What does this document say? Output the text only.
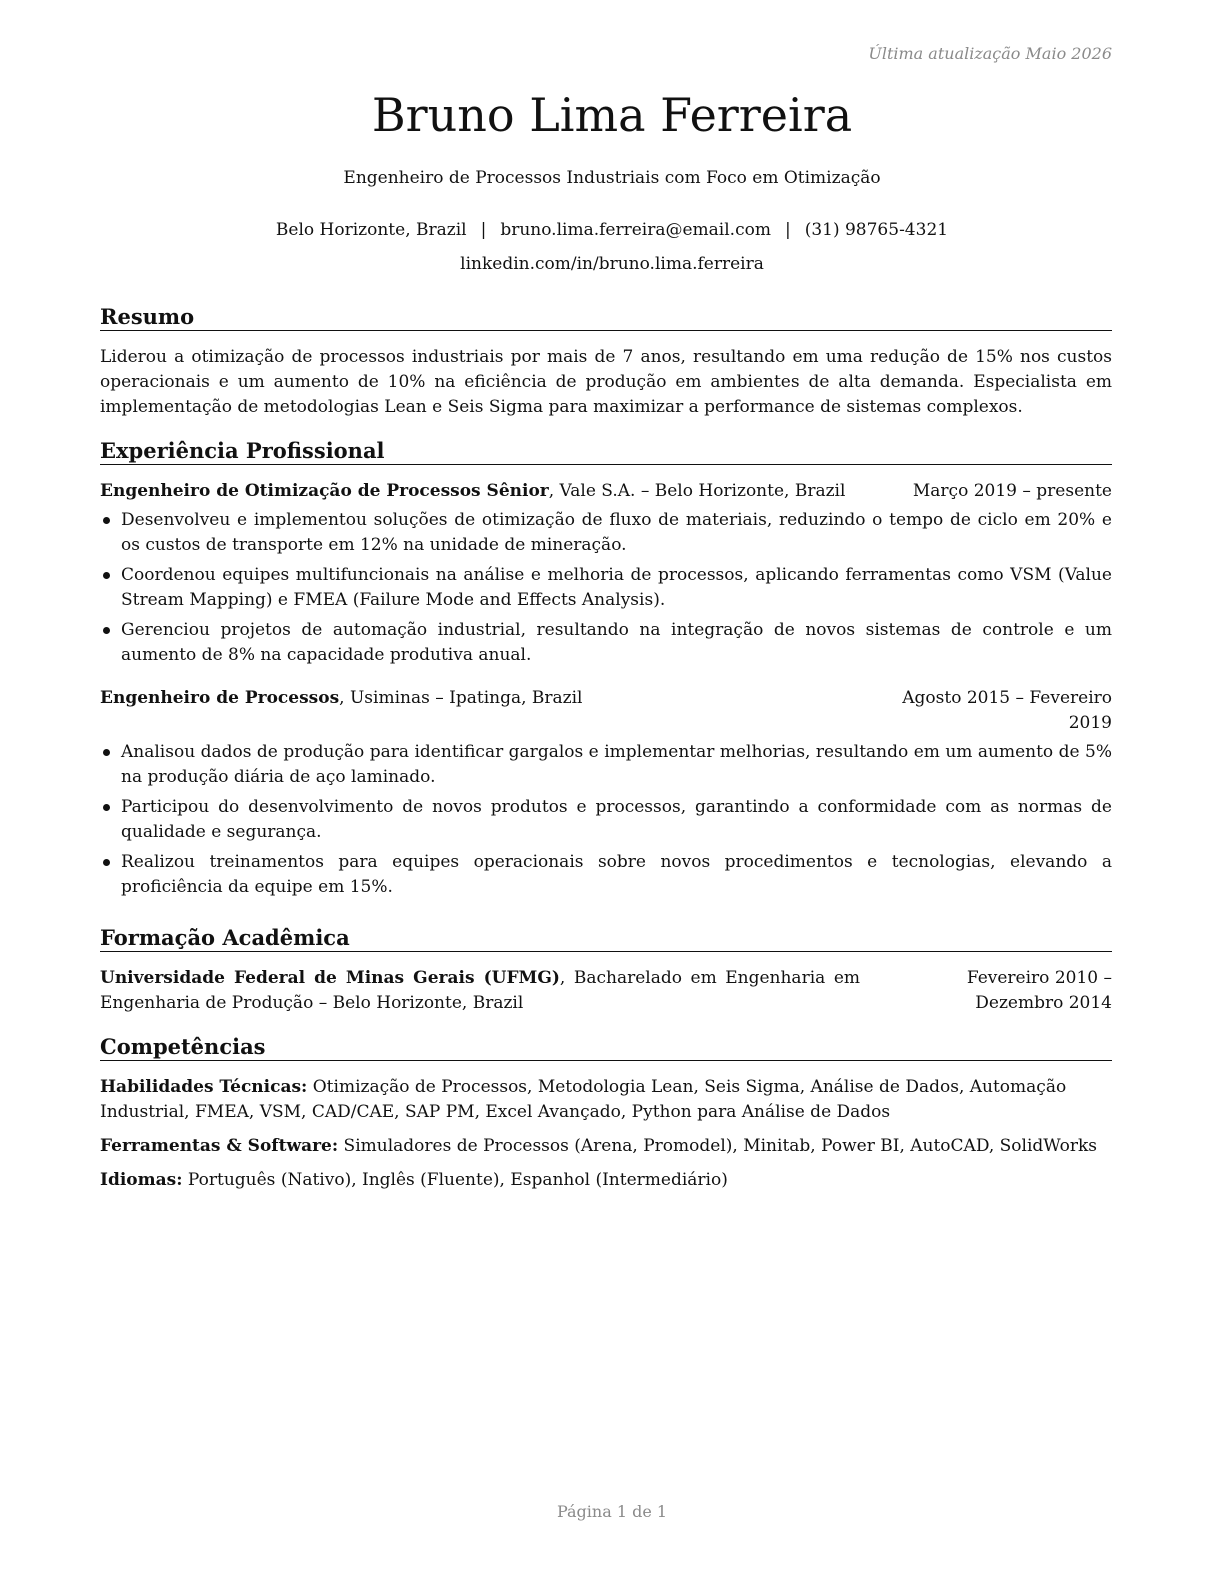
Última atualização Maio 2026
Bruno Lima Ferreira
Engenheiro de Processos Industriais com Foco em Otimização
Belo Horizonte, Brazil | bruno.lima.ferreira@email.com | (31) 98765-4321
linkedin.com/in/bruno.lima.ferreira
Resumo
Liderou a otimização de processos industriais por mais de 7 anos, resultando em uma redução de 15% nos custos operacionais e um aumento de 10% na eficiência de produção em ambientes de alta demanda. Especialista em implementação de metodologias Lean e Seis Sigma para maximizar a performance de sistemas complexos.
Experiência Profissional
Engenheiro de Otimização de Processos Sênior, Vale S.A. – Belo Horizonte, Brazil	Março 2019 – presente
Desenvolveu e implementou soluções de otimização de fluxo de materiais, reduzindo o tempo de ciclo em 20% e os custos de transporte em 12% na unidade de mineração.
Coordenou equipes multifuncionais na análise e melhoria de processos, aplicando ferramentas como VSM (Value Stream Mapping) e FMEA (Failure Mode and Effects Analysis).
Gerenciou projetos de automação industrial, resultando na integração de novos sistemas de controle e um aumento de 8% na capacidade produtiva anual.
Engenheiro de Processos, Usiminas – Ipatinga, Brazil	Agosto 2015 – Fevereiro 2019
Analisou dados de produção para identificar gargalos e implementar melhorias, resultando em um aumento de 5% na produção diária de aço laminado.
Participou do desenvolvimento de novos produtos e processos, garantindo a conformidade com as normas de qualidade e segurança.
Realizou treinamentos para equipes operacionais sobre novos procedimentos e tecnologias, elevando a proficiência da equipe em 15%.
Formação Acadêmica
Universidade Federal de Minas Gerais (UFMG), Bacharelado em Engenharia em Engenharia de Produção – Belo Horizonte, Brazil
Fevereiro 2010 – Dezembro 2014
Competências
Habilidades Técnicas: Otimização de Processos, Metodologia Lean, Seis Sigma, Análise de Dados, Automação Industrial, FMEA, VSM, CAD/CAE, SAP PM, Excel Avançado, Python para Análise de Dados
Ferramentas & Software: Simuladores de Processos (Arena, Promodel), Minitab, Power BI, AutoCAD, SolidWorks
Idiomas: Português (Nativo), Inglês (Fluente), Espanhol (Intermediário)
Página 1 de 1
